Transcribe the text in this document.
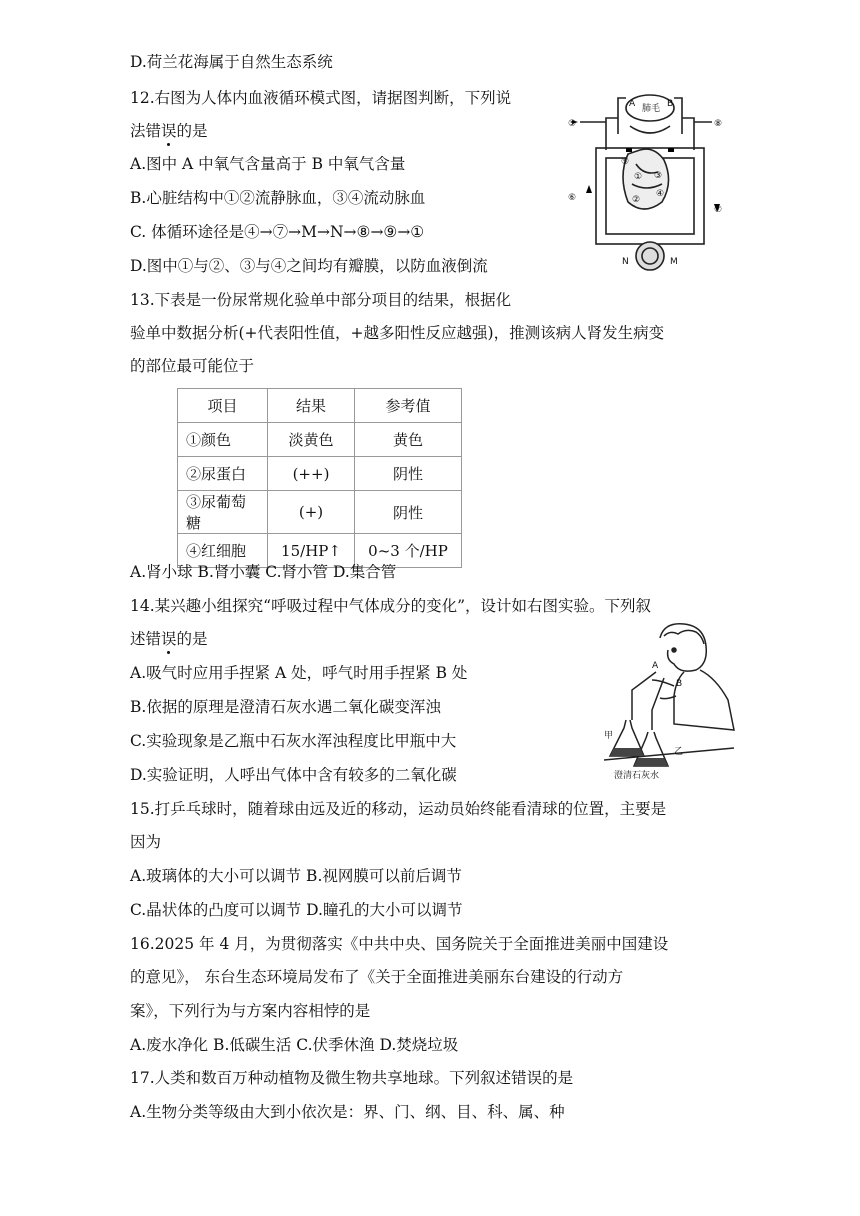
D.荷兰花海属于自然生态系统
12.右图为人体内血液循环模式图，请据图判断，下列说
法错误的是
A.图中 A 中氧气含量高于 B 中氧气含量
B.心脏结构中①②流静脉血，③④流动脉血
C. 体循环途径是④→⑦→M→N→⑧→⑨→①
D.图中①与②、③与④之间均有瓣膜，以防血液倒流
13.下表是一份尿常规化验单中部分项目的结果，根据化
验单中数据分析(+代表阳性值，+越多阳性反应越强)，推测该病人肾发生病变
的部位最可能位于
项目	结果	参考值
①颜色	淡黄色	黄色
②尿蛋白	(++)	阴性
③尿葡萄糖	(+)	阴性
④红细胞	15/HP↑	0~3 个/HP
A.肾小球 B.肾小囊 C.肾小管 D.集合管
14.某兴趣小组探究“呼吸过程中气体成分的变化”，设计如右图实验。下列叙
述错误的是
A.吸气时应用手捏紧 A 处，呼气时用手捏紧 B 处
B.依据的原理是澄清石灰水遇二氧化碳变浑浊
C.实验现象是乙瓶中石灰水浑浊程度比甲瓶中大
D.实验证明，人呼出气体中含有较多的二氧化碳
15.打乒乓球时，随着球由远及近的移动，运动员始终能看清球的位置，主要是
因为
A.玻璃体的大小可以调节 B.视网膜可以前后调节
C.晶状体的凸度可以调节 D.瞳孔的大小可以调节
16.2025 年 4 月，为贯彻落实《中共中央、国务院关于全面推进美丽中国建设
的意见》， 东台生态环境局发布了《关于全面推进美丽东台建设的行动方
案》，下列行为与方案内容相悖的是
A.废水净化 B.低碳生活 C.伏季休渔 D.焚烧垃圾
17.人类和数百万种动植物及微生物共享地球。下列叙述错误的是
A.生物分类等级由大到小依次是：界、门、纲、目、科、属、种
肺毛
A	B
⑤	⑧
⑥
⑦
⑨
①
②
③
④
N	M
A
B
甲
乙
澄清石灰水
